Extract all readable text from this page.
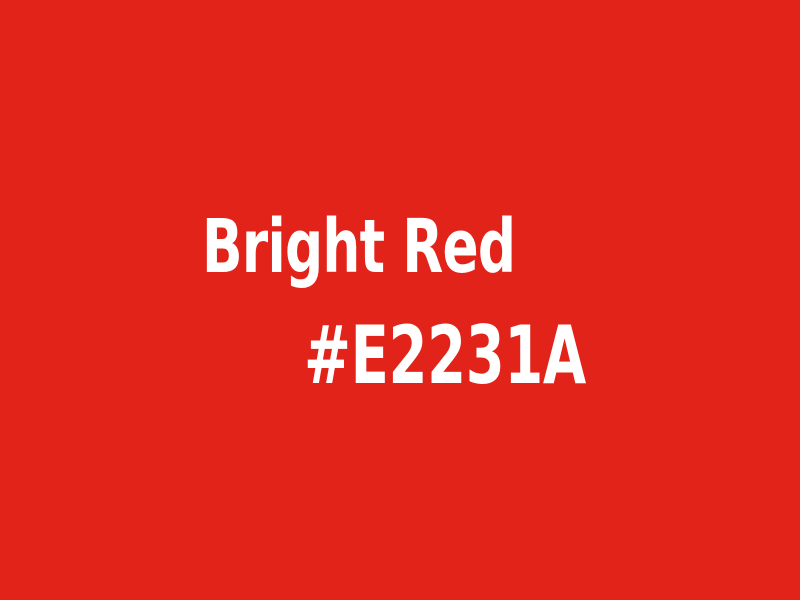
Bright Red
#E2231A
